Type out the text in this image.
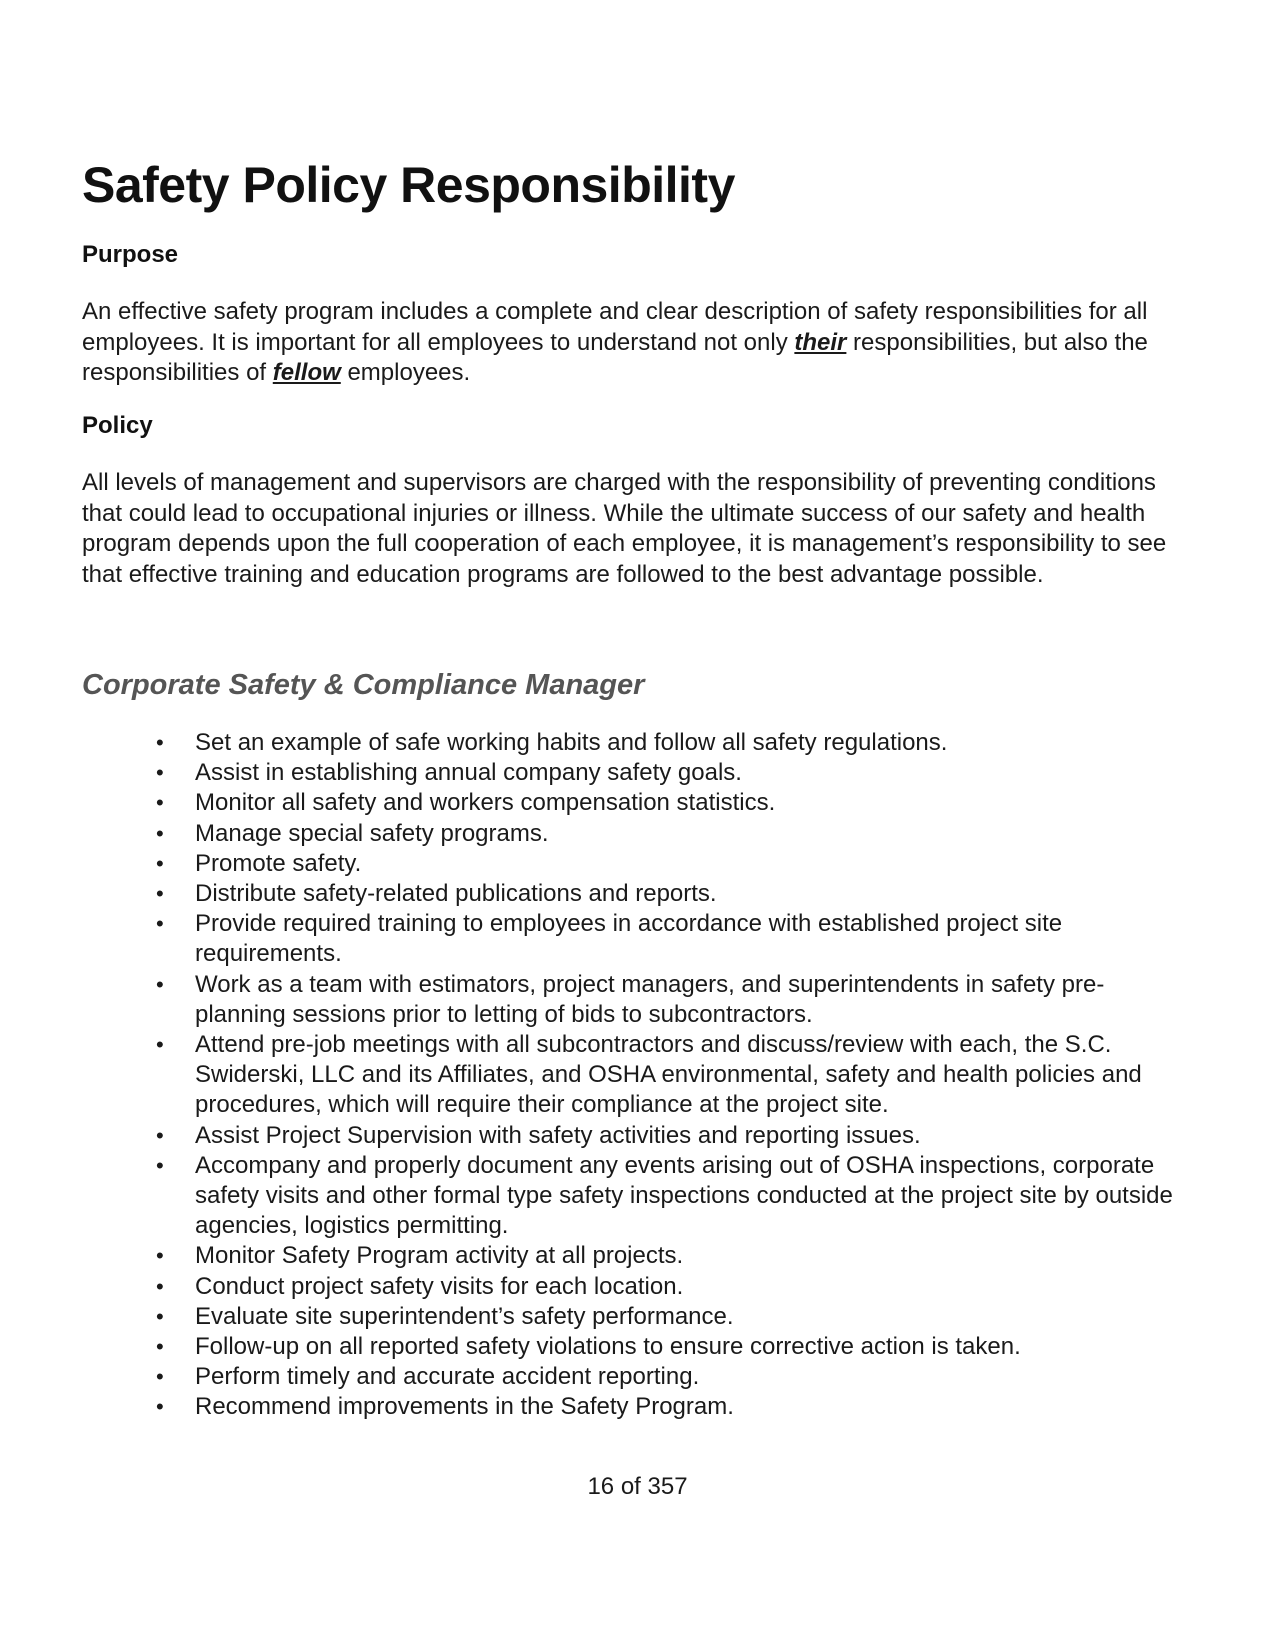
Safety Policy Responsibility
Purpose

An effective safety program includes a complete and clear description of safety responsibilities for all employees. It is important for all employees to understand not only their responsibilities, but also the responsibilities of fellow employees.

Policy

All levels of management and supervisors are charged with the responsibility of preventing conditions that could lead to occupational injuries or illness. While the ultimate success of our safety and health program depends upon the full cooperation of each employee, it is management’s responsibility to see that effective training and education programs are followed to the best advantage possible.

Corporate Safety & Compliance Manager
• Set an example of safe working habits and follow all safety regulations.
• Assist in establishing annual company safety goals.
• Monitor all safety and workers compensation statistics.
• Manage special safety programs.
• Promote safety.
• Distribute safety-related publications and reports.
• Provide required training to employees in accordance with established project site requirements.
• Work as a team with estimators, project managers, and superintendents in safety pre-planning sessions prior to letting of bids to subcontractors.
• Attend pre-job meetings with all subcontractors and discuss/review with each, the S.C. Swiderski, LLC and its Affiliates, and OSHA environmental, safety and health policies and procedures, which will require their compliance at the project site.
• Assist Project Supervision with safety activities and reporting issues.
• Accompany and properly document any events arising out of OSHA inspections, corporate safety visits and other formal type safety inspections conducted at the project site by outside agencies, logistics permitting.
• Monitor Safety Program activity at all projects.
• Conduct project safety visits for each location.
• Evaluate site superintendent’s safety performance.
• Follow-up on all reported safety violations to ensure corrective action is taken.
• Perform timely and accurate accident reporting.
• Recommend improvements in the Safety Program.
16 of 357
